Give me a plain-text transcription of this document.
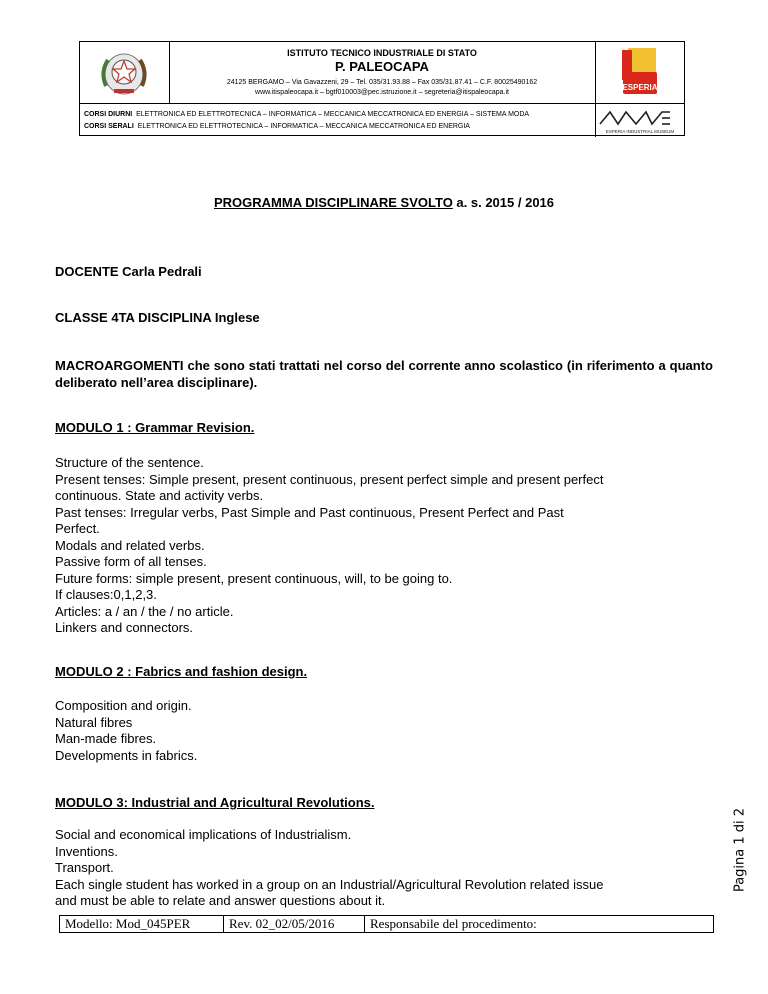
ISTITUTO TECNICO INDUSTRIALE DI STATO
P. PALEOCAPA
24125 BERGAMO – Via Gavazzeni, 29 – Tel. 035/31.93.88 – Fax 035/31.87.41 – C.F. 80025490162
www.itispaleocapa.it – bgtf010003@pec.istruzione.it – segreteria@itispaleocapa.it
CORSI DIURNI ELETTRONICA ED ELETTROTECNICA – INFORMATICA – MECCANICA MECCATRONICA ED ENERGIA – SISTEMA MODA
CORSI SERALI ELETTRONICA ED ELETTROTECNICA – INFORMATICA – MECCANICA MECCATRONICA ED ENERGIA
ESPERIA
ESPERIA INDUSTRIAL MUSEUM
PROGRAMMA DISCIPLINARE SVOLTO a. s. 2015 / 2016
DOCENTE Carla Pedrali
CLASSE 4TA DISCIPLINA Inglese
MACROARGOMENTI che sono stati trattati nel corso del corrente anno scolastico (in riferimento a quanto deliberato nell’area disciplinare).
MODULO 1 : Grammar Revision.
Structure of the sentence.
Present tenses: Simple present, present continuous, present perfect simple and present perfect
continuous. State and activity verbs.
Past tenses: Irregular verbs, Past Simple and Past continuous, Present Perfect and Past
Perfect.
Modals and related verbs.
Passive form of all tenses.
Future forms: simple present, present continuous, will, to be going to.
If clauses:0,1,2,3.
Articles: a / an / the / no article.
Linkers and connectors.
MODULO 2 : Fabrics and fashion design.
Composition and origin.
Natural fibres
Man-made fibres.
Developments in fabrics.
MODULO 3: Industrial and Agricultural Revolutions.
Social and economical implications of Industrialism.
Inventions.
Transport.
Each single student has worked in a group on an Industrial/Agricultural Revolution related issue
and must be able to relate and answer questions about it.
Modello: Mod_045PER	Rev. 02_02/05/2016	Responsabile del procedimento:
Pagina 1 di 2
